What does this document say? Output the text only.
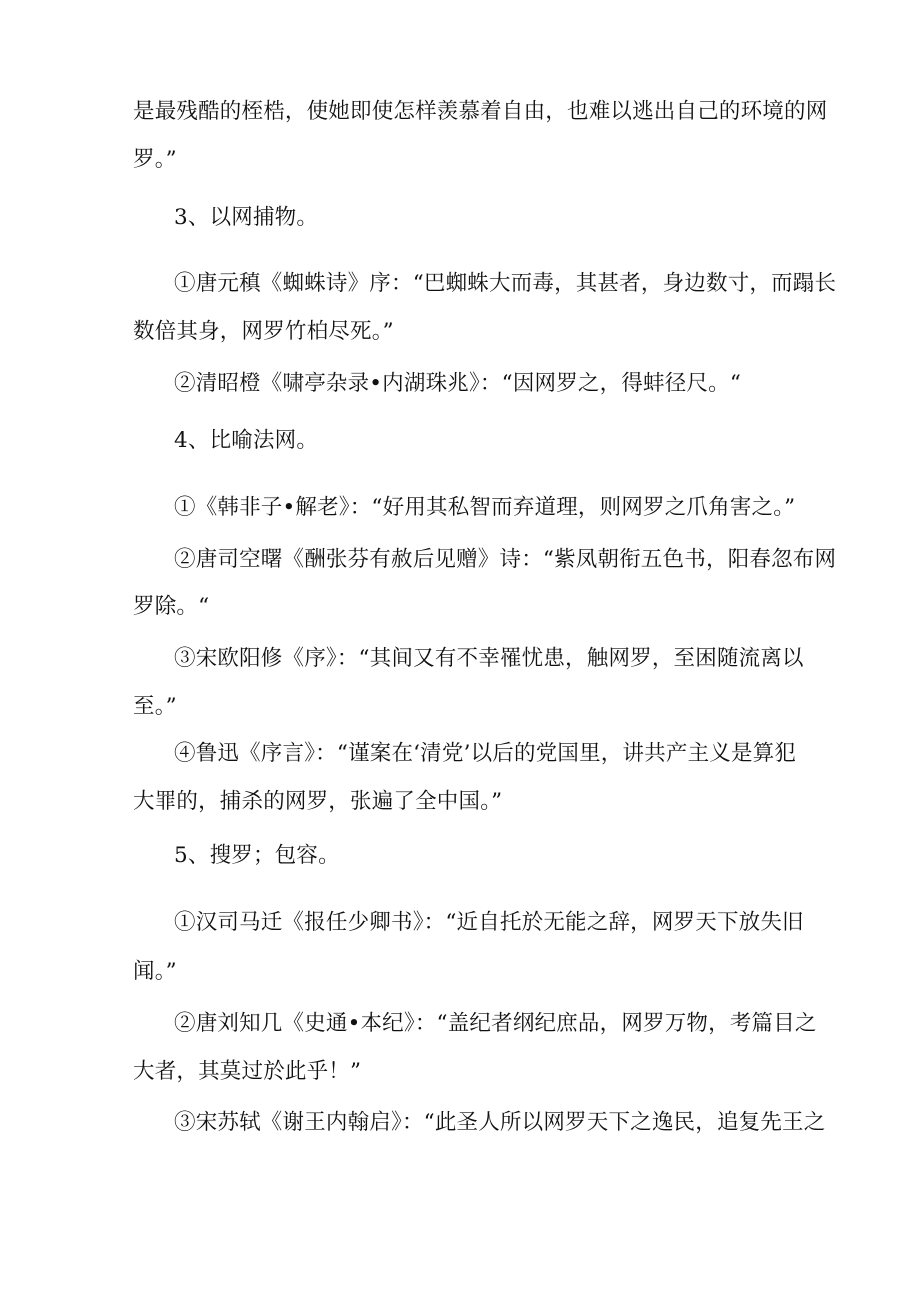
是最残酷的桎梏，使她即使怎样羡慕着自由，也难以逃出自己的环境的网
罗。”
3、以网捕物。
①唐元稹《蜘蛛诗》序：“巴蜘蛛大而毒，其甚者，身边数寸，而蹋长
数倍其身，网罗竹柏尽死。”
②清昭橙《啸亭杂录•内湖珠兆》：“因网罗之，得蚌径尺。“
4、比喻法网。
①《韩非子•解老》：“好用其私智而弃道理，则网罗之爪角害之。”
②唐司空曙《酬张芬有赦后见赠》诗：“紫凤朝衔五色书，阳春忽布网
罗除。“
③宋欧阳修《序》：“其间又有不幸罹忧患，触网罗，至困随流离以
至。”
④鲁迅《序言》：“谨案在‘清党’以后的党国里，讲共产主义是算犯
大罪的，捕杀的网罗，张遍了全中国。”
5、搜罗；包容。
①汉司马迁《报任少卿书》：“近自托於无能之辞，网罗天下放失旧
闻。”
②唐刘知几《史通•本纪》：“盖纪者纲纪庶品，网罗万物，考篇目之
大者，其莫过於此乎！”
③宋苏轼《谢王内翰启》：“此圣人所以网罗天下之逸民，追复先王之
